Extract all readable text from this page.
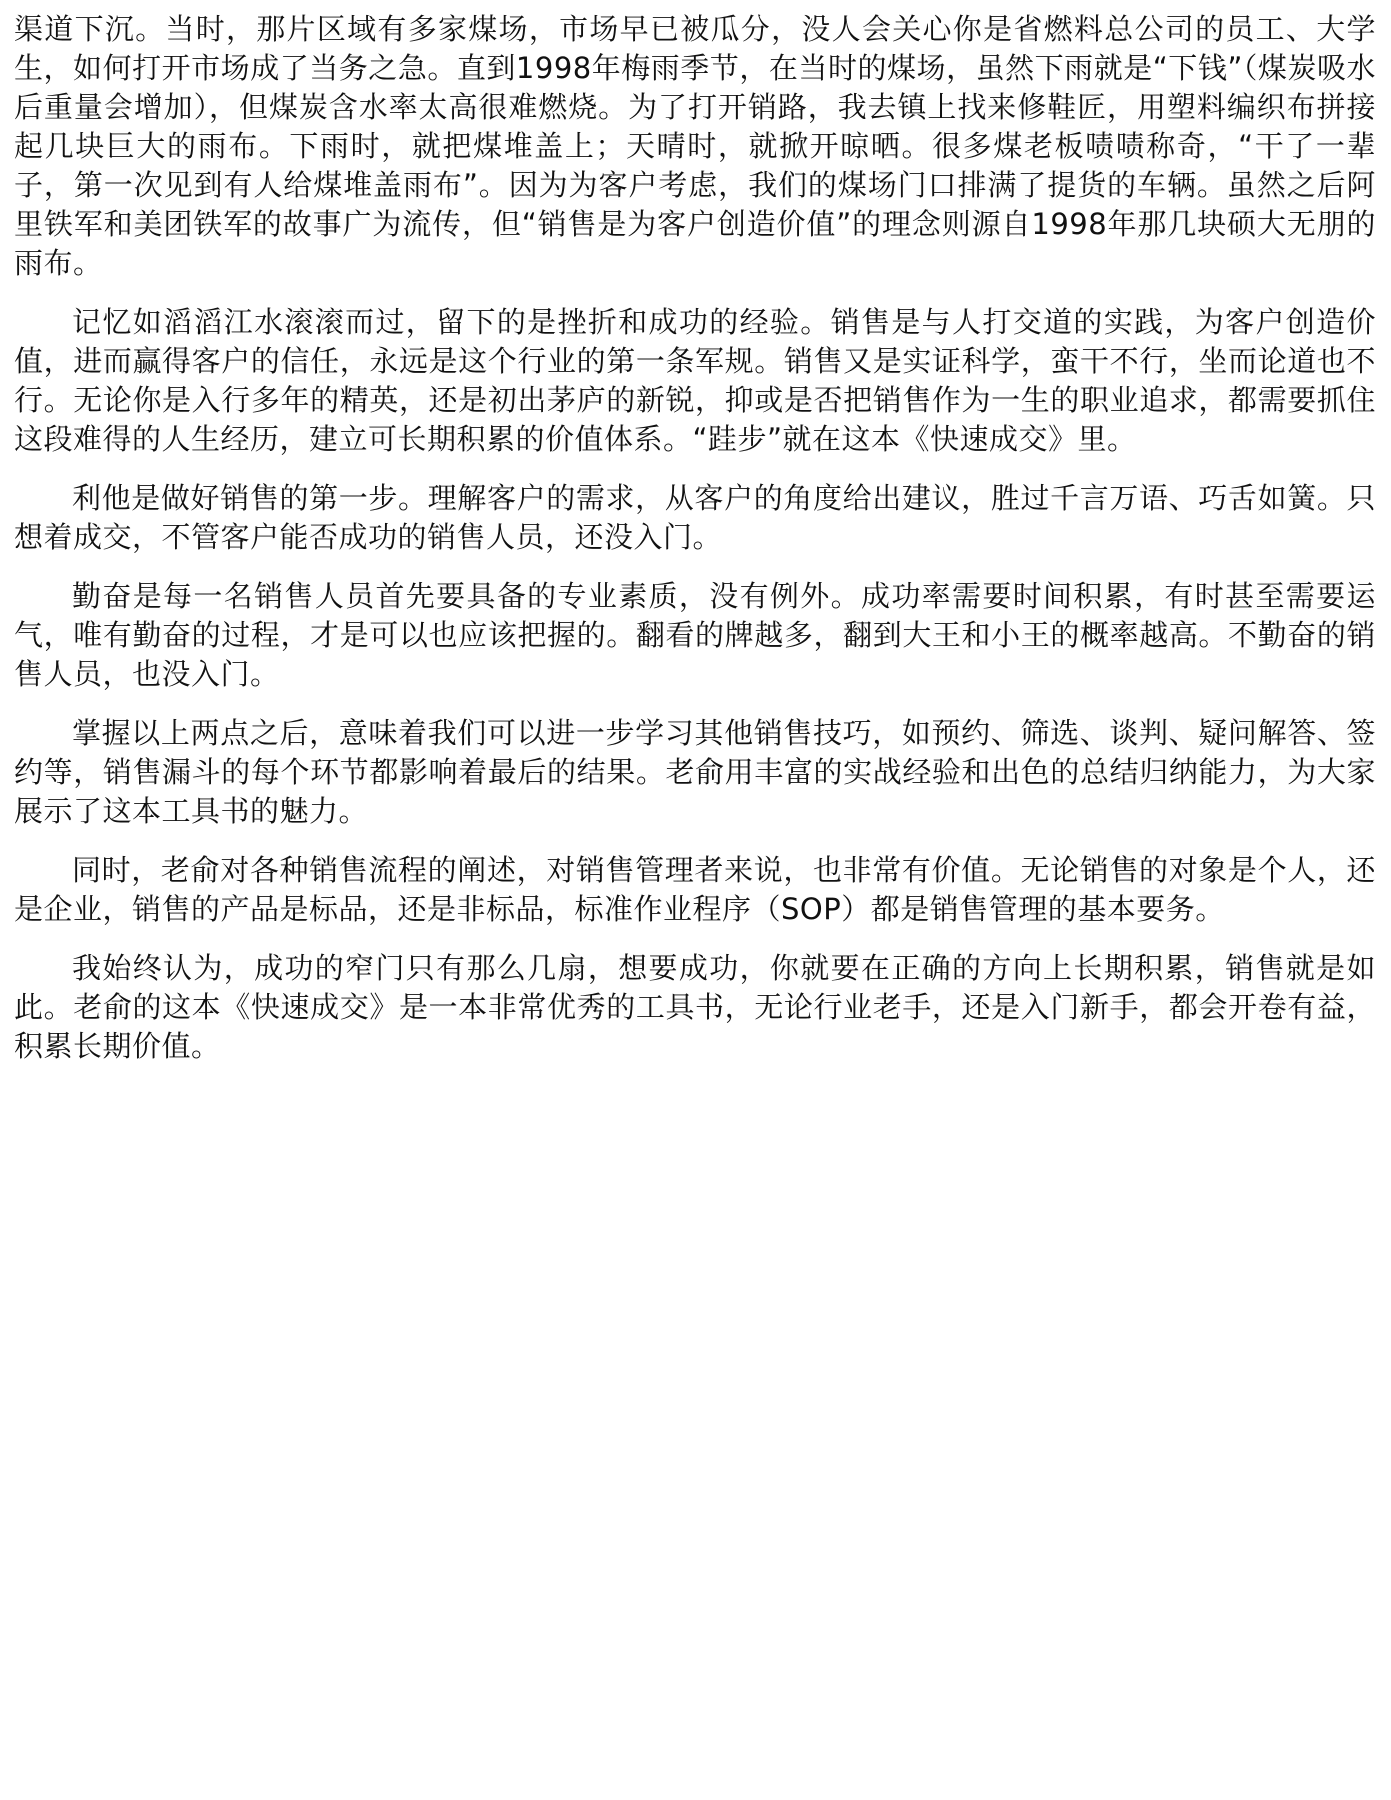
渠道下沉。当时，那片区域有多家煤场，市场早已被瓜分，没人会关心你是省燃料总公司的员工、大学生，如何打开市场成了当务之急。直到1998年梅雨季节，在当时的煤场，虽然下雨就是“下钱”（煤炭吸水后重量会增加），但煤炭含水率太高很难燃烧。为了打开销路，我去镇上找来修鞋匠，用塑料编织布拼接起几块巨大的雨布。下雨时，就把煤堆盖上；天晴时，就掀开晾晒。很多煤老板啧啧称奇，“干了一辈子，第一次见到有人给煤堆盖雨布”。因为为客户考虑，我们的煤场门口排满了提货的车辆。虽然之后阿里铁军和美团铁军的故事广为流传，但“销售是为客户创造价值”的理念则源自1998年那几块硕大无朋的雨布。

记忆如滔滔江水滚滚而过，留下的是挫折和成功的经验。销售是与人打交道的实践，为客户创造价值，进而赢得客户的信任，永远是这个行业的第一条军规。销售又是实证科学，蛮干不行，坐而论道也不行。无论你是入行多年的精英，还是初出茅庐的新锐，抑或是否把销售作为一生的职业追求，都需要抓住这段难得的人生经历，建立可长期积累的价值体系。“跬步”就在这本《快速成交》里。

利他是做好销售的第一步。理解客户的需求，从客户的角度给出建议，胜过千言万语、巧舌如簧。只想着成交，不管客户能否成功的销售人员，还没入门。

勤奋是每一名销售人员首先要具备的专业素质，没有例外。成功率需要时间积累，有时甚至需要运气，唯有勤奋的过程，才是可以也应该把握的。翻看的牌越多，翻到大王和小王的概率越高。不勤奋的销售人员，也没入门。

掌握以上两点之后，意味着我们可以进一步学习其他销售技巧，如预约、筛选、谈判、疑问解答、签约等，销售漏斗的每个环节都影响着最后的结果。老俞用丰富的实战经验和出色的总结归纳能力，为大家展示了这本工具书的魅力。

同时，老俞对各种销售流程的阐述，对销售管理者来说，也非常有价值。无论销售的对象是个人，还是企业，销售的产品是标品，还是非标品，标准作业程序（SOP）都是销售管理的基本要务。

我始终认为，成功的窄门只有那么几扇，想要成功，你就要在正确的方向上长期积累，销售就是如此。老俞的这本《快速成交》是一本非常优秀的工具书，无论行业老手，还是入门新手，都会开卷有益，积累长期价值。
